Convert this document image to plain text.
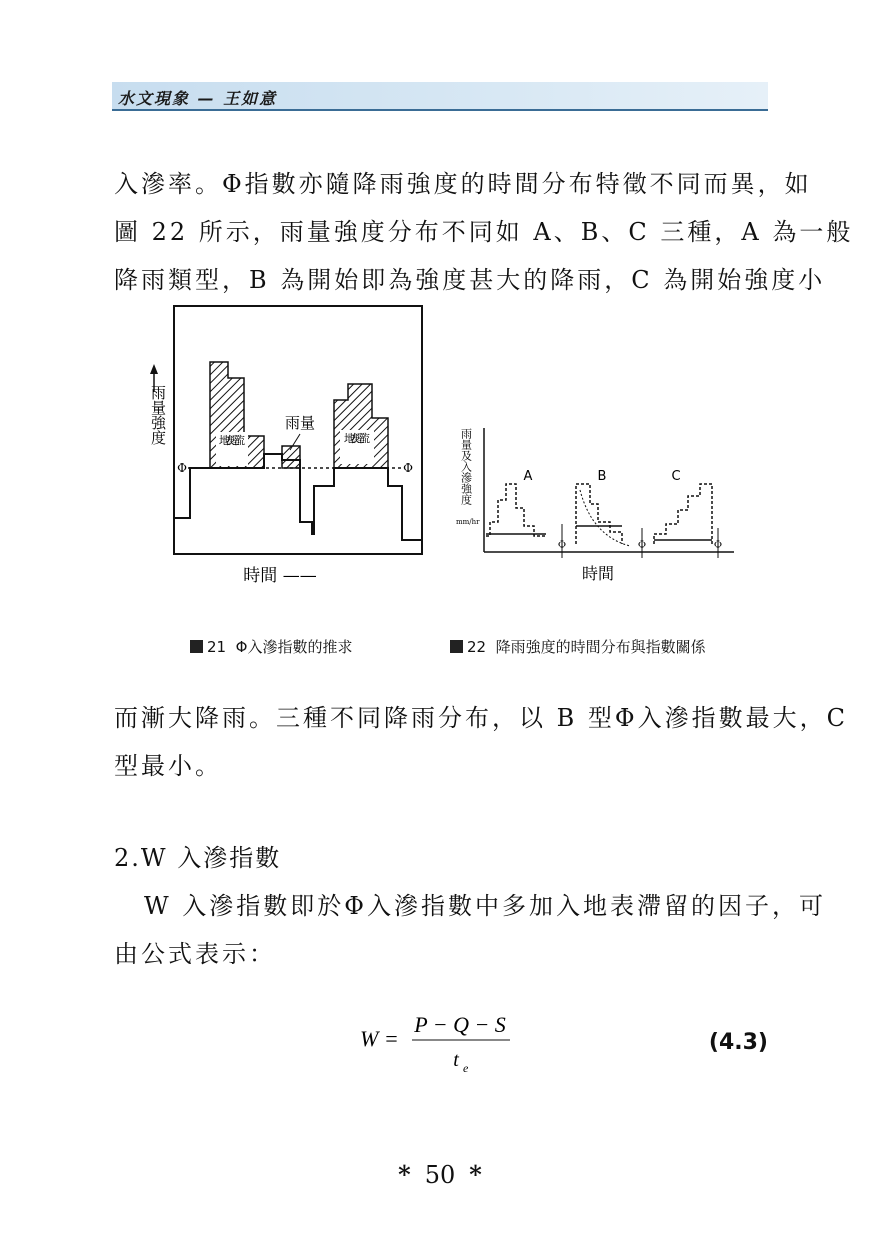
水文現象 — 王如意
入滲率。Φ指數亦隨降雨強度的時間分布特徵不同而異，如
圖 22 所示，雨量強度分布不同如 A、B、C 三種，A 為一般
降雨類型，B 為開始即為強度甚大的降雨，C 為開始強度小
雨量強度
Φ	Φ
雨量
地表逕流	地表逕流
時間 ——
雨量及入滲強度
mm/hr
A	B	C
Φ	Φ	Φ
時間
21 Φ入滲指數的推求	22 降雨強度的時間分布與指數關係
而漸大降雨。三種不同降雨分布，以 B 型Φ入滲指數最大，C
型最小。
2.W 入滲指數
W 入滲指數即於Φ入滲指數中多加入地表滯留的因子，可
由公式表示：
W =
P − Q − S
t e
(4.3)
* 50 *
